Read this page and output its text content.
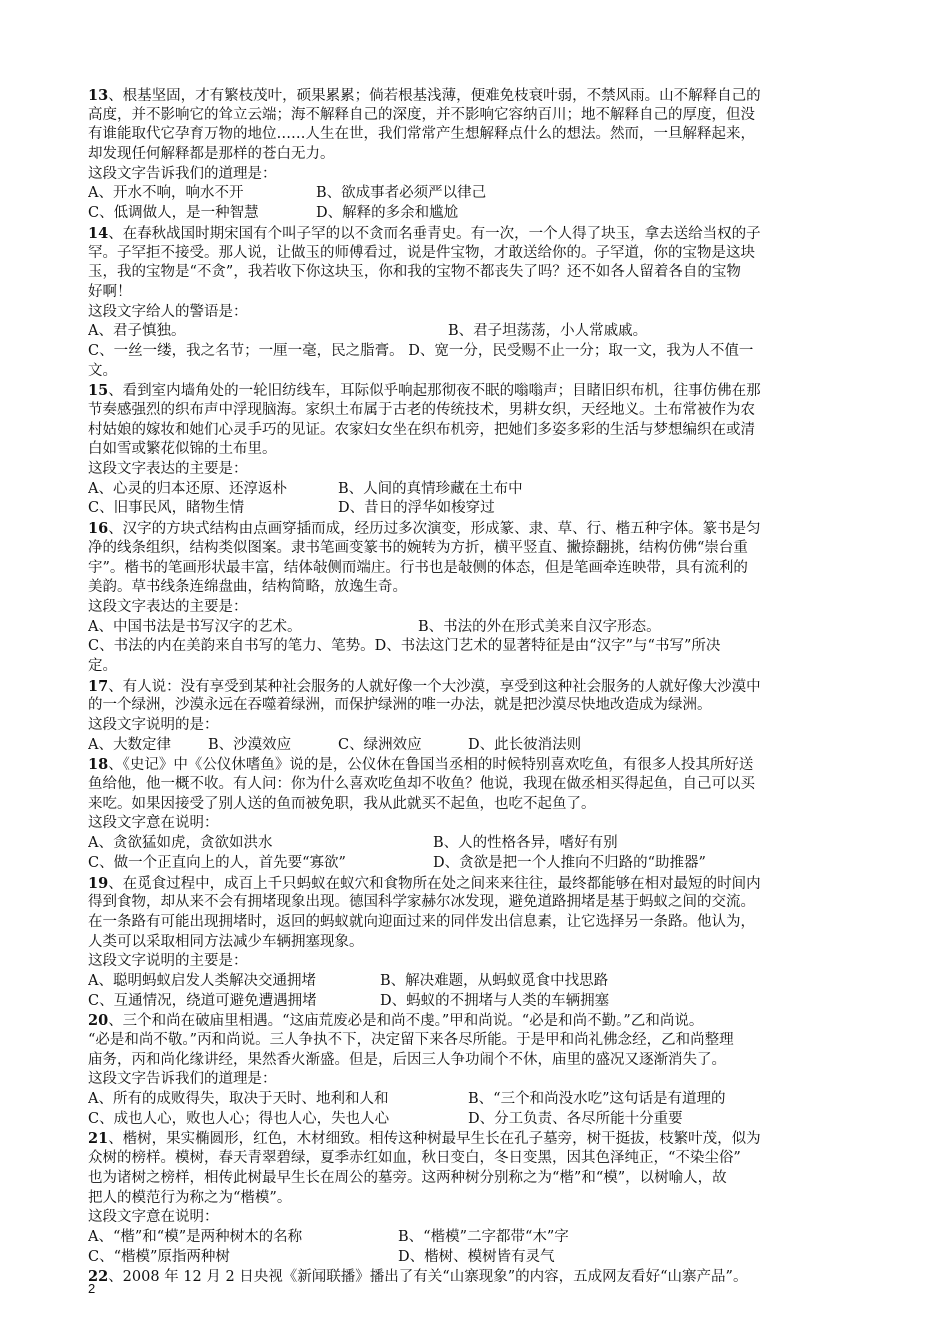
13、根基坚固，才有繁枝茂叶，硕果累累；倘若根基浅薄，便难免枝衰叶弱，不禁风雨。山不解释自己的
高度，并不影响它的耸立云端；海不解释自己的深度，并不影响它容纳百川；地不解释自己的厚度，但没
有谁能取代它孕育万物的地位……人生在世，我们常常产生想解释点什么的想法。然而，一旦解释起来，
却发现任何解释都是那样的苍白无力。
这段文字告诉我们的道理是：
A、开水不响，响水不开	B、欲成事者必须严以律己
C、低调做人，是一种智慧	D、解释的多余和尴尬
14、在春秋战国时期宋国有个叫子罕的以不贪而名垂青史。有一次，一个人得了块玉，拿去送给当权的子
罕。子罕拒不接受。那人说，让做玉的师傅看过，说是件宝物，才敢送给你的。子罕道，你的宝物是这块
玉，我的宝物是“不贪”，我若收下你这块玉，你和我的宝物不都丧失了吗？还不如各人留着各自的宝物
好啊！
这段文字给人的警语是：
A、君子慎独。	B、君子坦荡荡，小人常戚戚。
C、一丝一缕，我之名节；一厘一毫，民之脂膏。 D、宽一分，民受赐不止一分；取一文，我为人不值一
文。
15、看到室内墙角处的一轮旧纺线车，耳际似乎响起那彻夜不眠的嗡嗡声；目睹旧织布机，往事仿佛在那
节奏感强烈的织布声中浮现脑海。家织土布属于古老的传统技术，男耕女织，天经地义。土布常被作为农
村姑娘的嫁妆和她们心灵手巧的见证。农家妇女坐在织布机旁，把她们多姿多彩的生活与梦想编织在或清
白如雪或繁花似锦的土布里。
这段文字表达的主要是：
A、心灵的归本还原、还淳返朴	B、人间的真情珍藏在土布中
C、旧事民风，睹物生情	D、昔日的浮华如梭穿过
16、汉字的方块式结构由点画穿插而成，经历过多次演变，形成篆、隶、草、行、楷五种字体。篆书是匀
净的线条组织，结构类似图案。隶书笔画变篆书的婉转为方折，横平竖直、撇捺翻挑，结构仿佛“崇台重
宇”。楷书的笔画形状最丰富，结体敧侧而端庄。行书也是敧侧的体态，但是笔画牵连映带，具有流利的
美韵。草书线条连绵盘曲，结构简略，放逸生奇。
这段文字表达的主要是：
A、中国书法是书写汉字的艺术。	B、书法的外在形式美来自汉字形态。
C、书法的内在美韵来自书写的笔力、笔势。D、书法这门艺术的显著特征是由“汉字”与“书写”所决
定。
17、有人说：没有享受到某种社会服务的人就好像一个大沙漠，享受到这种社会服务的人就好像大沙漠中
的一个绿洲，沙漠永远在吞噬着绿洲，而保护绿洲的唯一办法，就是把沙漠尽快地改造成为绿洲。
这段文字说明的是：
A、大数定律	B、沙漠效应	C、绿洲效应	D、此长彼消法则
18、《史记》中《公仪休嗜鱼》说的是，公仪休在鲁国当丞相的时候特别喜欢吃鱼，有很多人投其所好送
鱼给他，他一概不收。有人问：你为什么喜欢吃鱼却不收鱼？他说，我现在做丞相买得起鱼，自己可以买
来吃。如果因接受了别人送的鱼而被免职，我从此就买不起鱼，也吃不起鱼了。
这段文字意在说明：
A、贪欲猛如虎，贪欲如洪水	B、人的性格各异，嗜好有别
C、做一个正直向上的人，首先要“寡欲”	D、贪欲是把一个人推向不归路的“助推器”
19、在觅食过程中，成百上千只蚂蚁在蚁穴和食物所在处之间来来往往，最终都能够在相对最短的时间内
得到食物，却从来不会有拥堵现象出现。德国科学家赫尔冰发现，避免道路拥堵是基于蚂蚁之间的交流。
在一条路有可能出现拥堵时，返回的蚂蚁就向迎面过来的同伴发出信息素，让它选择另一条路。他认为，
人类可以采取相同方法减少车辆拥塞现象。
这段文字说明的主要是：
A、聪明蚂蚁启发人类解决交通拥堵	B、解决难题，从蚂蚁觅食中找思路
C、互通情况，绕道可避免遭遇拥堵	D、蚂蚁的不拥堵与人类的车辆拥塞
20、三个和尚在破庙里相遇。“这庙荒废必是和尚不虔。”甲和尚说。“必是和尚不勤。”乙和尚说。
“必是和尚不敬。”丙和尚说。三人争执不下，决定留下来各尽所能。于是甲和尚礼佛念经，乙和尚整理
庙务，丙和尚化缘讲经，果然香火渐盛。但是，后因三人争功闹个不休，庙里的盛况又逐渐消失了。
这段文字告诉我们的道理是：
A、所有的成败得失，取决于天时、地利和人和	B、“三个和尚没水吃”这句话是有道理的
C、成也人心，败也人心；得也人心，失也人心	D、分工负责、各尽所能十分重要
21、楷树，果实椭圆形，红色，木材细致。相传这种树最早生长在孔子墓旁，树干挺拔，枝繁叶茂，似为
众树的榜样。模树，春天青翠碧绿，夏季赤红如血，秋日变白，冬日变黑，因其色泽纯正，“不染尘俗”
也为诸树之榜样，相传此树最早生长在周公的墓旁。这两种树分别称之为“楷”和“模”，以树喻人，故
把人的模范行为称之为“楷模”。
这段文字意在说明：
A、“楷”和“模”是两种树木的名称	B、“楷模”二字都带“木”字
C、“楷模”原指两种树	D、楷树、模树皆有灵气
22、2008 年 12 月 2 日央视《新闻联播》播出了有关“山寨现象”的内容，五成网友看好“山寨产品”。
2
